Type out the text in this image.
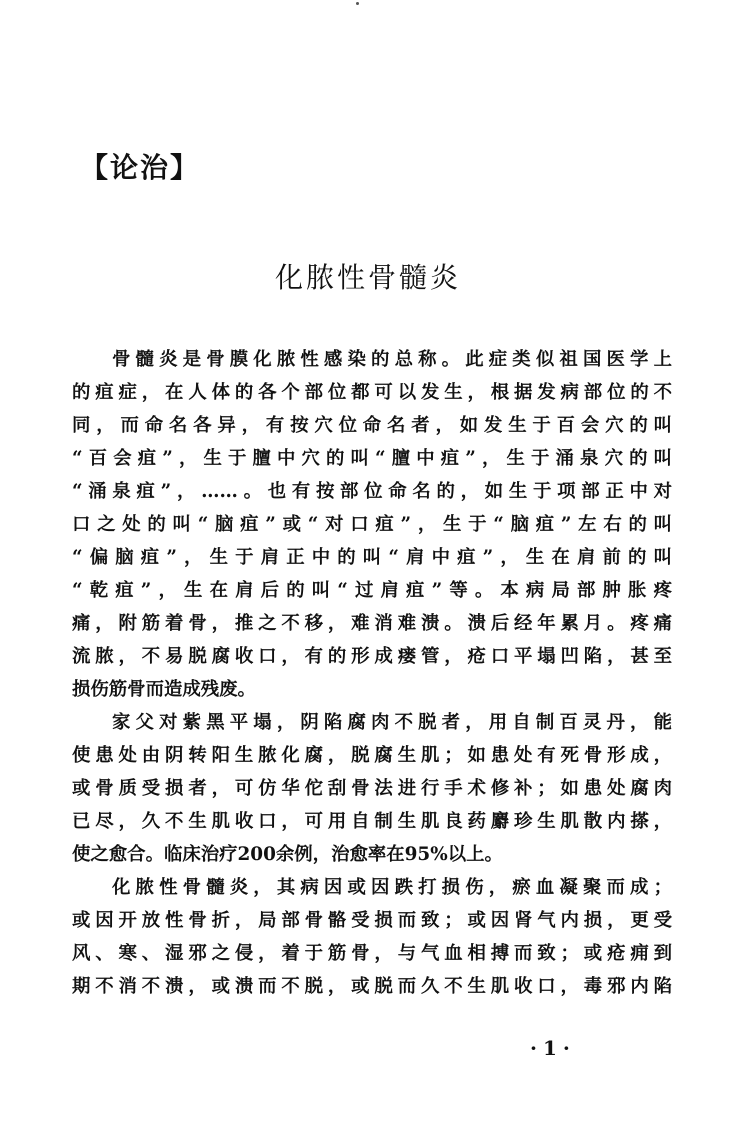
【论治】
化脓性骨髓炎
骨髓炎是骨膜化脓性感染的总称。此症类似祖国医学上
的疽症，在人体的各个部位都可以发生，根据发病部位的不
同，而命名各异，有按穴位命名者，如发生于百会穴的叫
“百会疽”，生于膻中穴的叫“膻中疽”，生于涌泉穴的叫
“涌泉疽”，……。也有按部位命名的，如生于项部正中对
口之处的叫“脑疽”或“对口疽”，生于“脑疽”左右的叫
“偏脑疽”，生于肩正中的叫“肩中疽”，生在肩前的叫
“乾疽”，生在肩后的叫“过肩疽”等。本病局部肿胀疼
痛，附筋着骨，推之不移，难消难溃。溃后经年累月。疼痛
流脓，不易脱腐收口，有的形成瘘管，疮口平塌凹陷，甚至
损伤筋骨而造成残废。
家父对紫黑平塌，阴陷腐肉不脱者，用自制百灵丹，能
使患处由阴转阳生脓化腐，脱腐生肌；如患处有死骨形成，
或骨质受损者，可仿华佗刮骨法进行手术修补；如患处腐肉
已尽，久不生肌收口，可用自制生肌良药麝珍生肌散内搽，
使之愈合。临床治疗200余例，治愈率在95%以上。
化脓性骨髓炎，其病因或因跌打损伤，瘀血凝聚而成；
或因开放性骨折，局部骨骼受损而致；或因肾气内损，更受
风、寒、湿邪之侵，着于筋骨，与气血相搏而致；或疮痈到
期不消不溃，或溃而不脱，或脱而久不生肌收口，毒邪内陷
·1·
